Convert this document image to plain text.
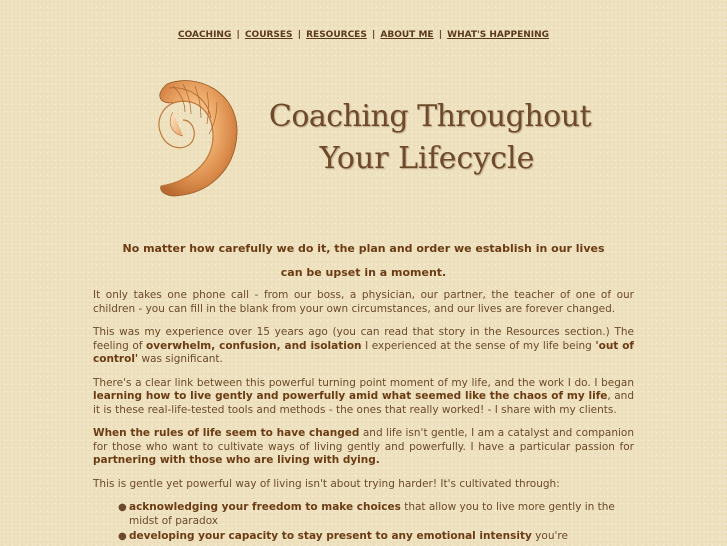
COACHING | COURSES | RESOURCES | ABOUT ME | WHAT'S HAPPENING
Coaching Throughout
Your Lifecycle
No matter how carefully we do it, the plan and order we establish in our lives
can be upset in a moment.

It only takes one phone call - from our boss, a physician, our partner, the teacher of one of our children - you can fill in the blank from your own circumstances, and our lives are forever changed.

This was my experience over 15 years ago (you can read that story in the Resources section.) The feeling of overwhelm, confusion, and isolation I experienced at the sense of my life being 'out of control' was significant.

There's a clear link between this powerful turning point moment of my life, and the work I do. I began learning how to live gently and powerfully amid what seemed like the chaos of my life, and it is these real-life-tested tools and methods - the ones that really worked! - I share with my clients.

When the rules of life seem to have changed and life isn't gentle, I am a catalyst and companion for those who want to cultivate ways of living gently and powerfully. I have a particular passion for partnering with those who are living with dying.

This is gentle yet powerful way of living isn't about trying harder! It's cultivated through:

● acknowledging your freedom to make choices that allow you to live more gently in the midst of paradox
● developing your capacity to stay present to any emotional intensity you're
